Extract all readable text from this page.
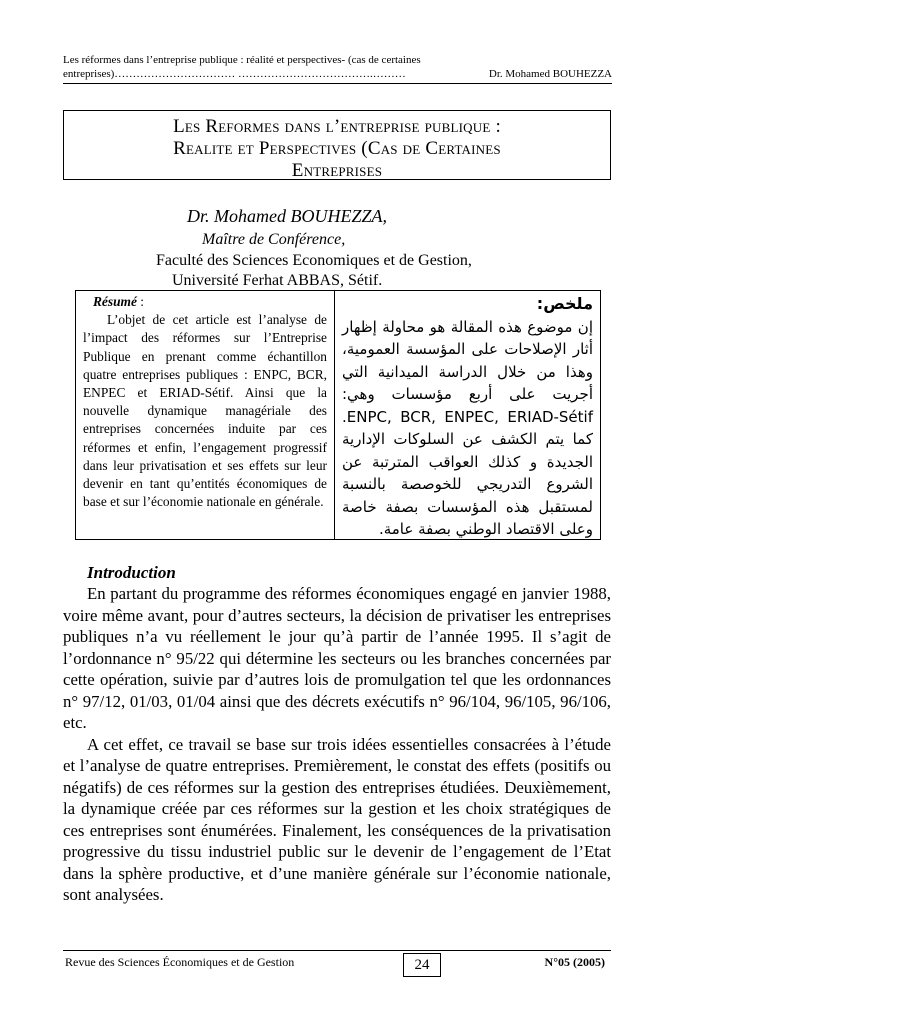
Les réformes dans l’entreprise publique : réalité et perspectives- (cas de certaines
entreprises)…………………………… ……………………………….………	Dr. Mohamed BOUHEZZA
Les Reformes dans l’entreprise publique :
Realite et Perspectives (Cas de Certaines
Entreprises
Dr. Mohamed BOUHEZZA,
Maître de Conférence,
Faculté des Sciences Economiques et de Gestion,
Université Ferhat ABBAS, Sétif.
Résumé :
L’objet de cet article est l’analyse de l’impact des réformes sur l’Entreprise Publique en prenant comme échantillon quatre entreprises publiques : ENPC, BCR, ENPEC et ERIAD-Sétif. Ainsi que la nouvelle dynamique managériale des entreprises concernées induite par ces réformes et enfin, l’engagement progressif dans leur privatisation et ses effets sur leur devenir en tant qu’entités économiques de base et sur l’économie nationale en générale.
ملخص:
إن موضوع هذه المقالة هو محاولة إظهار أثار الإصلاحات على المؤسسة العمومية، وهذا من خلال الدراسة الميدانية التي أجريت على أربع مؤسسات وهي: ENPC, BCR, ENPEC, ERIAD-Sétif. كما يتم الكشف عن السلوكات الإدارية الجديدة و كذلك العواقب المترتبة عن الشروع التدريجي للخوصصة بالنسبة لمستقبل هذه المؤسسات بصفة خاصة وعلى الاقتصاد الوطني بصفة عامة.
Introduction

En partant du programme des réformes économiques engagé en janvier 1988, voire même avant, pour d’autres secteurs, la décision de privatiser les entreprises publiques n’a vu réellement le jour qu’à partir de l’année 1995. Il s’agit de l’ordonnance n° 95/22 qui détermine les secteurs ou les branches concernées par cette opération, suivie par d’autres lois de promulgation tel que les ordonnances n° 97/12, 01/03, 01/04 ainsi que des décrets exécutifs n° 96/104, 96/105, 96/106, etc.

A cet effet, ce travail se base sur trois idées essentielles consacrées à l’étude et l’analyse de quatre entreprises. Premièrement, le constat des effets (positifs ou négatifs) de ces réformes sur la gestion des entreprises étudiées. Deuxièmement, la dynamique créée par ces réformes sur la gestion et les choix stratégiques de ces entreprises sont énumérées. Finalement, les conséquences de la privatisation progressive du tissu industriel public sur le devenir de l’engagement de l’Etat dans la sphère productive, et d’une manière générale sur l’économie nationale, sont analysées.

Revue des Sciences Économiques et de Gestion	24	N°05 (2005)
